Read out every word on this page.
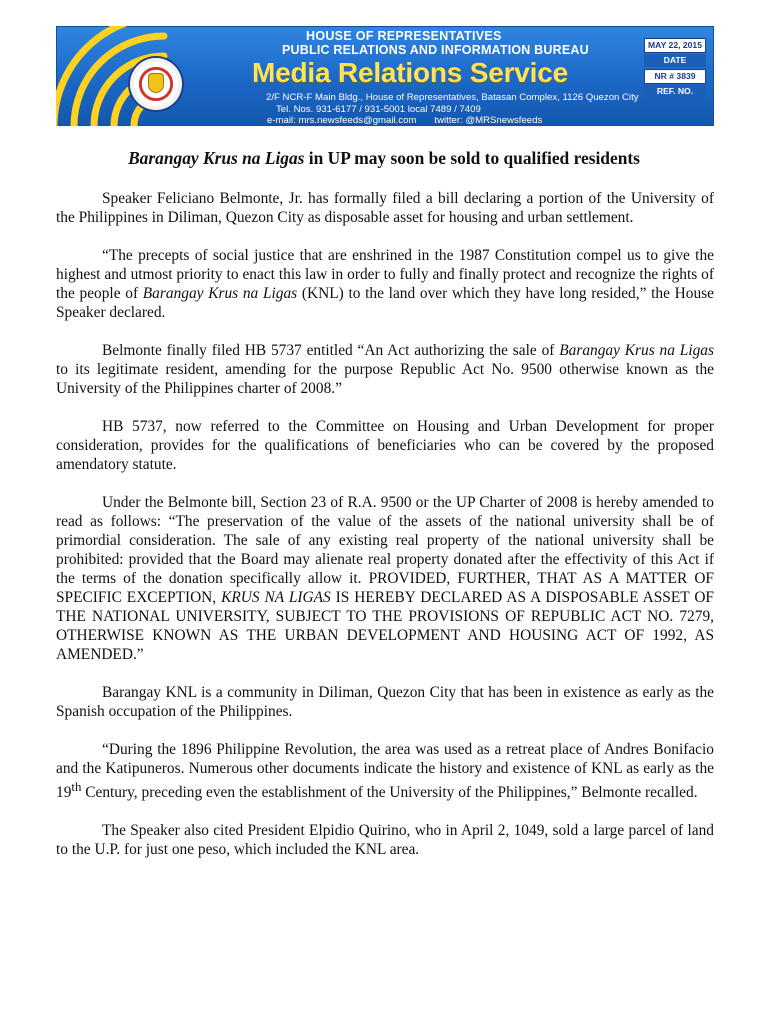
HOUSE OF REPRESENTATIVES
PUBLIC RELATIONS AND INFORMATION BUREAU
Media Relations Service
2/F NCR-F Main Bldg., House of Representatives, Batasan Complex, 1126 Quezon City
Tel. Nos. 931-6177 / 931-5001 local 7489 / 7409
e-mail: mrs.newsfeeds@gmail.com twitter: @MRSnewsfeeds
MAY 22, 2015
DATE
NR # 3839
REF. NO.
Barangay Krus na Ligas in UP may soon be sold to qualified residents

Speaker Feliciano Belmonte, Jr. has formally filed a bill declaring a portion of the University of the Philippines in Diliman, Quezon City as disposable asset for housing and urban settlement.

“The precepts of social justice that are enshrined in the 1987 Constitution compel us to give the highest and utmost priority to enact this law in order to fully and finally protect and recognize the rights of the people of Barangay Krus na Ligas (KNL) to the land over which they have long resided,” the House Speaker declared.

Belmonte finally filed HB 5737 entitled “An Act authorizing the sale of Barangay Krus na Ligas to its legitimate resident, amending for the purpose Republic Act No. 9500 otherwise known as the University of the Philippines charter of 2008.”

HB 5737, now referred to the Committee on Housing and Urban Development for proper consideration, provides for the qualifications of beneficiaries who can be covered by the proposed amendatory statute.

Under the Belmonte bill, Section 23 of R.A. 9500 or the UP Charter of 2008 is hereby amended to read as follows: “The preservation of the value of the assets of the national university shall be of primordial consideration. The sale of any existing real property of the national university shall be prohibited: provided that the Board may alienate real property donated after the effectivity of this Act if the terms of the donation specifically allow it. PROVIDED, FURTHER, THAT AS A MATTER OF SPECIFIC EXCEPTION, KRUS NA LIGAS IS HEREBY DECLARED AS A DISPOSABLE ASSET OF THE NATIONAL UNIVERSITY, SUBJECT TO THE PROVISIONS OF REPUBLIC ACT NO. 7279, OTHERWISE KNOWN AS THE URBAN DEVELOPMENT AND HOUSING ACT OF 1992, AS AMENDED.”

Barangay KNL is a community in Diliman, Quezon City that has been in existence as early as the Spanish occupation of the Philippines.

“During the 1896 Philippine Revolution, the area was used as a retreat place of Andres Bonifacio and the Katipuneros. Numerous other documents indicate the history and existence of KNL as early as the 19th Century, preceding even the establishment of the University of the Philippines,” Belmonte recalled.

The Speaker also cited President Elpidio Quirino, who in April 2, 1049, sold a large parcel of land to the U.P. for just one peso, which included the KNL area.
